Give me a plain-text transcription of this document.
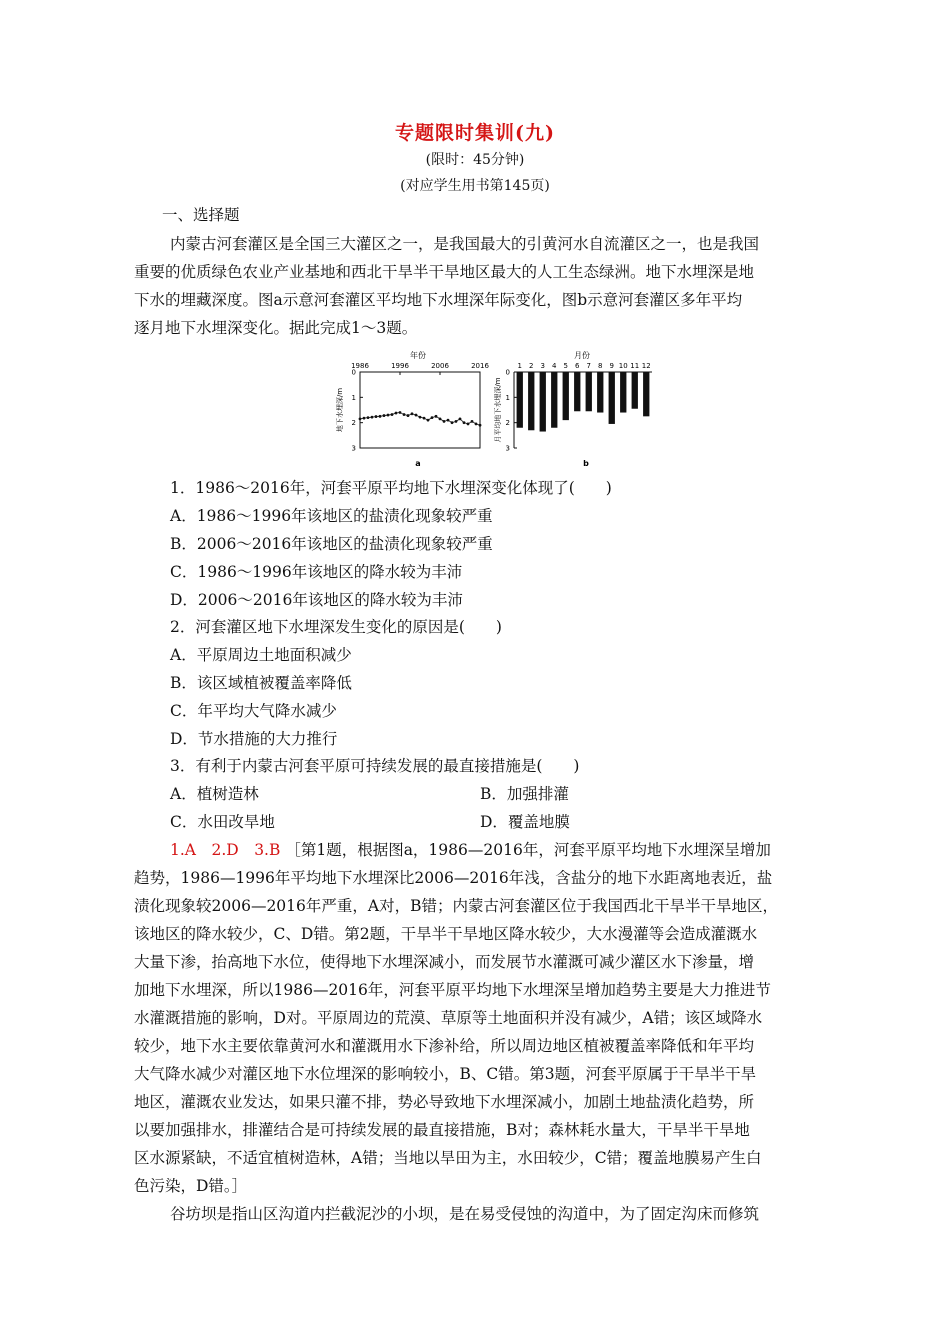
专题限时集训(九)
(限时：45分钟)
(对应学生用书第145页)
一、选择题
内蒙古河套灌区是全国三大灌区之一，是我国最大的引黄河水自流灌区之一，也是我国
重要的优质绿色农业产业基地和西北干旱半干旱地区最大的人工生态绿洲。地下水埋深是地
下水的埋藏深度。图a示意河套灌区平均地下水埋深年际变化，图b示意河套灌区多年平均
逐月地下水埋深变化。据此完成1～3题。
年份
地下水埋深/m
1986	1996	2006	2016
0
1
2
3
a
月份
月平均地下水埋深/m
0
1
2
3
1 2 3 4 5 6 7 8 9 10 11 12
b
1．1986～2016年，河套平原平均地下水埋深变化体现了(　　)
A．1986～1996年该地区的盐渍化现象较严重
B．2006～2016年该地区的盐渍化现象较严重
C．1986～1996年该地区的降水较为丰沛
D．2006～2016年该地区的降水较为丰沛
2．河套灌区地下水埋深发生变化的原因是(　　)
A．平原周边土地面积减少
B．该区域植被覆盖率降低
C．年平均大气降水减少
D．节水措施的大力推行
3．有利于内蒙古河套平原可持续发展的最直接措施是(　　)
A．植树造林	B．加强排灌
C．水田改旱地	D．覆盖地膜
1.A　2.D　3.B ［第1题，根据图a，1986—2016年，河套平原平均地下水埋深呈增加
趋势，1986—1996年平均地下水埋深比2006—2016年浅，含盐分的地下水距离地表近，盐
渍化现象较2006—2016年严重，A对，B错；内蒙古河套灌区位于我国西北干旱半干旱地区，
该地区的降水较少，C、D错。第2题，干旱半干旱地区降水较少，大水漫灌等会造成灌溉水
大量下渗，抬高地下水位，使得地下水埋深减小，而发展节水灌溉可减少灌区水下渗量，增
加地下水埋深，所以1986—2016年，河套平原平均地下水埋深呈增加趋势主要是大力推进节
水灌溉措施的影响，D对。平原周边的荒漠、草原等土地面积并没有减少，A错；该区域降水
较少，地下水主要依靠黄河水和灌溉用水下渗补给，所以周边地区植被覆盖率降低和年平均
大气降水减少对灌区地下水位埋深的影响较小，B、C错。第3题，河套平原属于干旱半干旱
地区，灌溉农业发达，如果只灌不排，势必导致地下水埋深减小，加剧土地盐渍化趋势，所
以要加强排水，排灌结合是可持续发展的最直接措施，B对；森林耗水量大，干旱半干旱地
区水源紧缺，不适宜植树造林，A错；当地以旱田为主，水田较少，C错；覆盖地膜易产生白
色污染，D错。］
谷坊坝是指山区沟道内拦截泥沙的小坝，是在易受侵蚀的沟道中，为了固定沟床而修筑
